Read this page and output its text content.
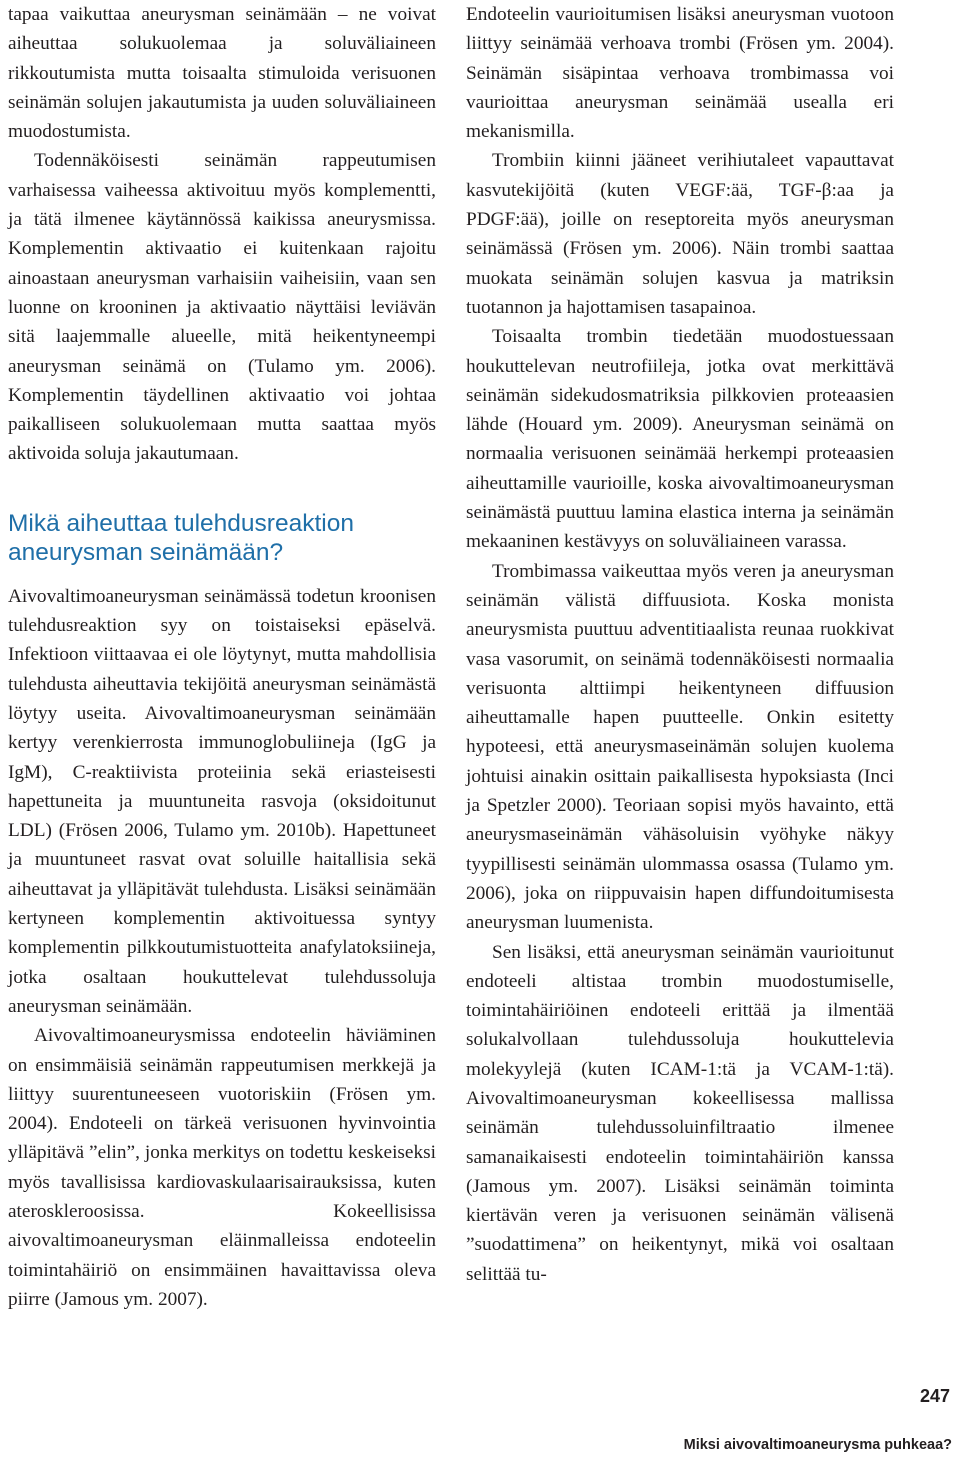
tapaa vaikuttaa aneurysman seinämään – ne voivat aiheuttaa solukuolemaa ja soluväliaineen rikkoutumista mutta toisaalta stimuloida verisuonen seinämän solujen jakautumista ja uuden soluväliaineen muodostumista.

Todennäköisesti seinämän rappeutumisen varhaisessa vaiheessa aktivoituu myös komplementti, ja tätä ilmenee käytännössä kaikissa aneurysmissa. Komplementin aktivaatio ei kuitenkaan rajoitu ainoastaan aneurysman varhaisiin vaiheisiin, vaan sen luonne on krooninen ja aktivaatio näyttäisi leviävän sitä laajemmalle alueelle, mitä heikentyneempi aneurysman seinämä on (Tulamo ym. 2006). Komplementin täydellinen aktivaatio voi johtaa paikalliseen solukuolemaan mutta saattaa myös aktivoida soluja jakautumaan.

Mikä aiheuttaa tulehdusreaktion aneurysman seinämään?

Aivovaltimoaneurysman seinämässä todetun kroonisen tulehdusreaktion syy on toistaiseksi epäselvä. Infektioon viittaavaa ei ole löytynyt, mutta mahdollisia tulehdusta aiheuttavia tekijöitä aneurysman seinämästä löytyy useita. Aivovaltimoaneurysman seinämään kertyy verenkierrosta immunoglobuliineja (IgG ja IgM), C-reaktiivista proteiinia sekä eriasteisesti hapettuneita ja muuntuneita rasvoja (oksidoitunut LDL) (Frösen 2006, Tulamo ym. 2010b). Hapettuneet ja muuntuneet rasvat ovat soluille haitallisia sekä aiheuttavat ja ylläpitävät tulehdusta. Lisäksi seinämään kertyneen komplementin aktivoituessa syntyy komplementin pilkkoutumistuotteita anafylatoksiineja, jotka osaltaan houkuttelevat tulehdussoluja aneurysman seinämään.

Aivovaltimoaneurysmissa endoteelin häviäminen on ensimmäisiä seinämän rappeutumisen merkkejä ja liittyy suurentuneeseen vuotoriskiin (Frösen ym. 2004). Endoteeli on tärkeä verisuonen hyvinvointia ylläpitävä ”elin”, jonka merkitys on todettu keskeiseksi myös tavallisissa kardiovaskulaarisairauksissa, kuten ateroskleroosissa. Kokeellisissa aivovaltimoaneurysman eläinmalleissa endoteelin toimintahäiriö on ensimmäinen havaittavissa oleva piirre (Jamous ym. 2007).

Endoteelin vaurioitumisen lisäksi aneurysman vuotoon liittyy seinämää verhoava trombi (Frösen ym. 2004). Seinämän sisäpintaa verhoava trombimassa voi vaurioittaa aneurysman seinämää usealla eri mekanismilla.

Trombiin kiinni jääneet verihiutaleet vapauttavat kasvutekijöitä (kuten VEGF:ää, TGF-β:aa ja PDGF:ää), joille on reseptoreita myös aneurysman seinämässä (Frösen ym. 2006). Näin trombi saattaa muokata seinämän solujen kasvua ja matriksin tuotannon ja hajottamisen tasapainoa.

Toisaalta trombin tiedetään muodostuessaan houkuttelevan neutrofiileja, jotka ovat merkittävä seinämän sidekudosmatriksia pilkkovien proteaasien lähde (Houard ym. 2009). Aneurysman seinämä on normaalia verisuonen seinämää herkempi proteaasien aiheuttamille vaurioille, koska aivovaltimoaneurysman seinämästä puuttuu lamina elastica interna ja seinämän mekaaninen kestävyys on soluväliaineen varassa.

Trombimassa vaikeuttaa myös veren ja aneurysman seinämän välistä diffuusiota. Koska monista aneurysmista puuttuu adventitiaalista reunaa ruokkivat vasa vasorumit, on seinämä todennäköisesti normaalia verisuonta alttiimpi heikentyneen diffuusion aiheuttamalle hapen puutteelle. Onkin esitetty hypoteesi, että aneurysmaseinämän solujen kuolema johtuisi ainakin osittain paikallisesta hypoksiasta (Inci ja Spetzler 2000). Teoriaan sopisi myös havainto, että aneurysmaseinämän vähäsoluisin vyöhyke näkyy tyypillisesti seinämän ulommassa osassa (Tulamo ym. 2006), joka on riippuvaisin hapen diffundoitumisesta aneurysman luumenista.

Sen lisäksi, että aneurysman seinämän vaurioitunut endoteeli altistaa trombin muodostumiselle, toimintahäiriöinen endoteeli erittää ja ilmentää solukalvollaan tulehdussoluja houkuttelevia molekyylejä (kuten ICAM-1:tä ja VCAM-1:tä). Aivovaltimoaneurysman kokeellisessa mallissa seinämän tulehdussoluinfiltraatio ilmenee samanaikaisesti endoteelin toimintahäiriön kanssa (Jamous ym. 2007). Lisäksi seinämän toiminta kiertävän veren ja verisuonen seinämän välisenä ”suodattimena” on heikentynyt, mikä voi osaltaan selittää tu-

247
Miksi aivovaltimoaneurysma puhkeaa?
